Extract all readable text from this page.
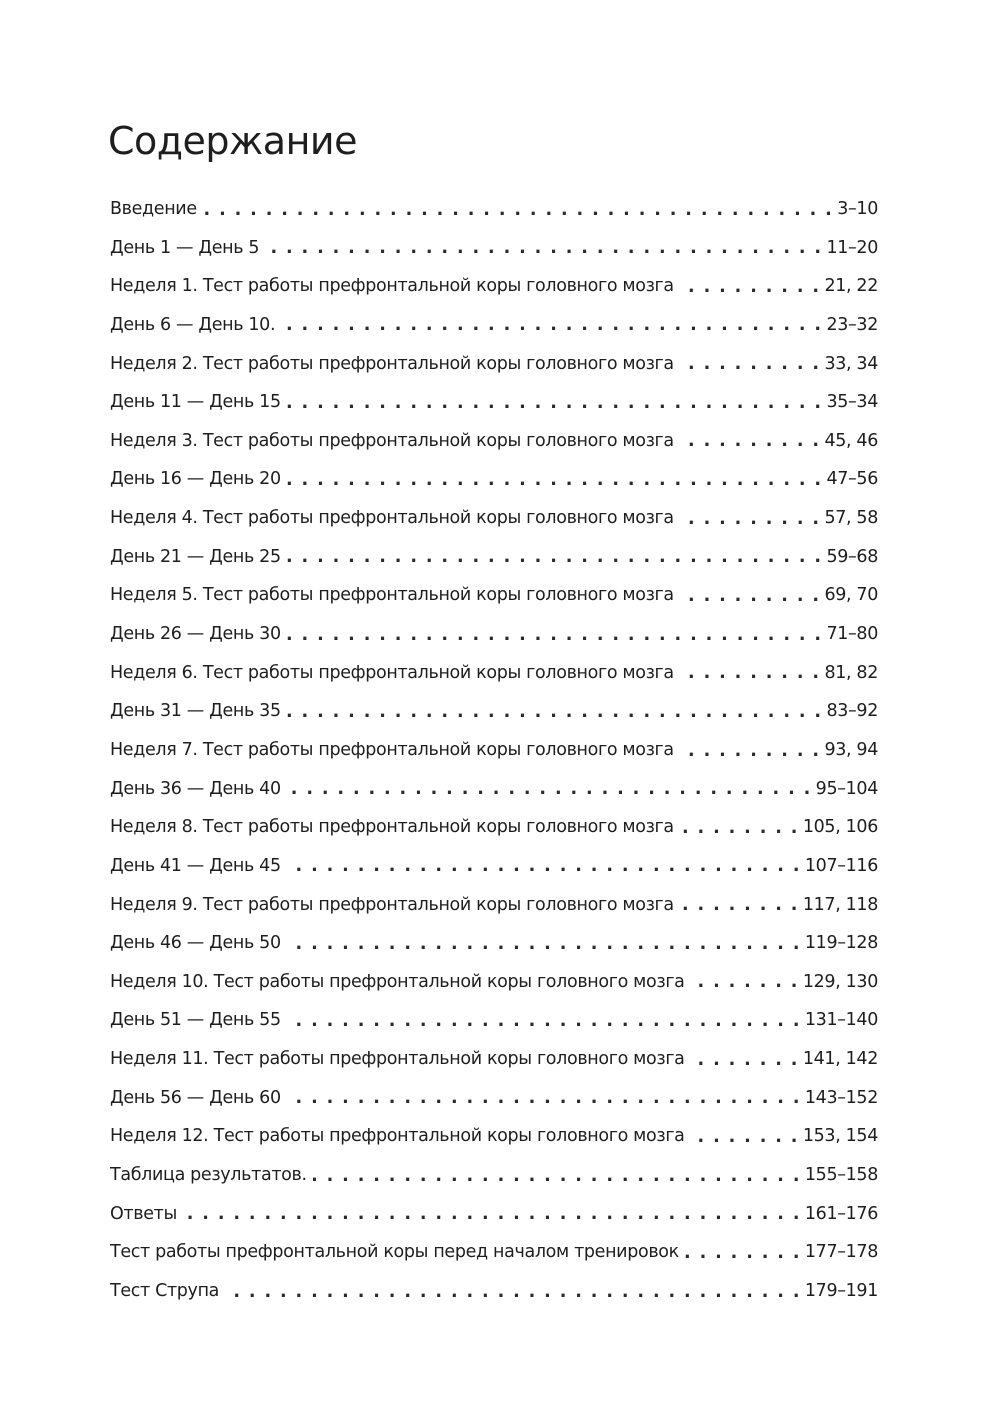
Содержание
Введение . . .	3–10
День 1 — День 5 . . .	11–20
Неделя 1. Тест работы префронтальной коры головного мозга . . .	21, 22
День 6 — День 10. . . .	23–32
Неделя 2. Тест работы префронтальной коры головного мозга . . .	33, 34
День 11 — День 15 . . .	35–34
Неделя 3. Тест работы префронтальной коры головного мозга . . .	45, 46
День 16 — День 20 . . .	47–56
Неделя 4. Тест работы префронтальной коры головного мозга . . .	57, 58
День 21 — День 25 . . .	59–68
Неделя 5. Тест работы префронтальной коры головного мозга . . .	69, 70
День 26 — День 30 . . .	71–80
Неделя 6. Тест работы префронтальной коры головного мозга . . .	81, 82
День 31 — День 35 . . .	83–92
Неделя 7. Тест работы префронтальной коры головного мозга . . .	93, 94
День 36 — День 40 . . .	95–104
Неделя 8. Тест работы префронтальной коры головного мозга . . .	105, 106
День 41 — День 45 . . .	107–116
Неделя 9. Тест работы префронтальной коры головного мозга . . .	117, 118
День 46 — День 50 . . .	119–128
Неделя 10. Тест работы префронтальной коры головного мозга . . .	129, 130
День 51 — День 55 . . .	131–140
Неделя 11. Тест работы префронтальной коры головного мозга . . .	141, 142
День 56 — День 60 . . .	143–152
Неделя 12. Тест работы префронтальной коры головного мозга . . .	153, 154
Таблица результатов. . . .	155–158
Ответы . . .	161–176
Тест работы префронтальной коры перед началом тренировок . . .	177–178
Тест Струпа . . .	179–191
